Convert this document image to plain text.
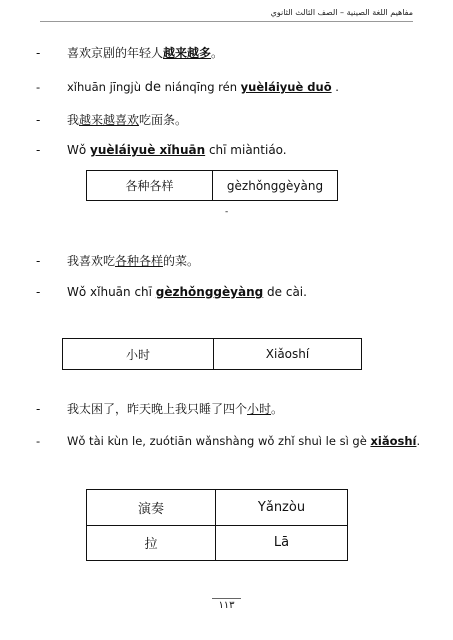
مفاهيم اللغة الصينية – الصف الثالث الثانوي
- 喜欢京剧的年轻人越来越多。
- xǐhuān jīngjù de niánqīng rén yuèláiyuè duō .
- 我越来越喜欢吃面条。
- Wǒ yuèláiyuè xǐhuān chī miàntiáo.
各种各样	gèzhǒnggèyàng
-
- 我喜欢吃各种各样的菜。
- Wǒ xǐhuān chī gèzhǒnggèyàng de cài.
小时	Xiǎoshí
- 我太困了，昨天晚上我只睡了四个小时。
- Wǒ tài kùn le, zuótiān wǎnshàng wǒ zhǐ shuì le sì gè xiǎoshí.
演奏	Yǎnzòu
拉	Lā
١١٣
